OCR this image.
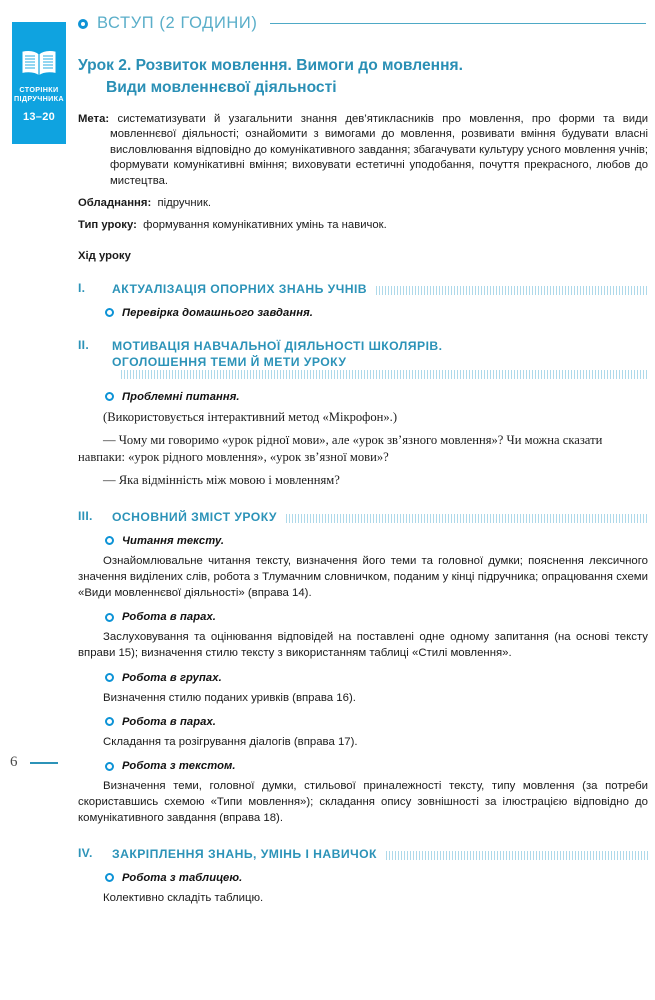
СТОРІНКИ
ПІДРУЧНИКА
13–20
6
ВСТУП (2 ГОДИНИ)
Урок 2. Розвиток мовлення. Вимоги до мовлення.
Види мовленнєвої діяльності

Мета: систематизувати й узагальнити знання дев’ятикласників про мовлення, про форми та види мовленнєвої діяльності; ознайомити з вимогами до мовлення, розвивати вміння будувати власні висловлювання відповідно до комунікативного завдання; збагачувати культуру усного мовлення учнів; формувати комунікативні вміння; виховувати естетичні уподобання, почуття прекрасного, любов до мистецтва.

Обладнання: підручник.

Тип уроку: формування комунікативних умінь та навичок.

Хід уроку
I.	АКТУАЛІЗАЦІЯ ОПОРНИХ ЗНАНЬ УЧНІВ
Перевірка домашнього завдання.
II.	МОТИВАЦІЯ НАВЧАЛЬНОЇ ДІЯЛЬНОСТІ ШКОЛЯРІВ.
ОГОЛОШЕННЯ ТЕМИ Й МЕТИ УРОКУ
Проблемні питання.
(Використовується інтерактивний метод «Мікрофон».)
— Чому ми говоримо «урок рідної мови», але «урок зв’язного мовлення»? Чи можна сказати навпаки: «урок рідного мовлення», «урок зв’язної мови»?
— Яка відмінність між мовою і мовленням?
III.	ОСНОВНИЙ ЗМІСТ УРОКУ
Читання тексту.
Ознайомлювальне читання тексту, визначення його теми та головної думки; пояснення лексичного значення виділених слів, робота з Тлумачним словничком, поданим у кінці підручника; опрацювання схеми «Види мовленнєвої діяльності» (вправа 14).
Робота в парах.
Заслуховування та оцінювання відповідей на поставлені одне одному запитання (на основі тексту вправи 15); визначення стилю тексту з використанням таблиці «Стилі мовлення».
Робота в групах.
Визначення стилю поданих уривків (вправа 16).
Робота в парах.
Складання та розігрування діалогів (вправа 17).
Робота з текстом.
Визначення теми, головної думки, стильової приналежності тексту, типу мовлення (за потреби скориставшись схемою «Типи мовлення»); складання опису зовнішності за ілюстрацією відповідно до комунікативного завдання (вправа 18).
IV.	ЗАКРІПЛЕННЯ ЗНАНЬ, УМІНЬ І НАВИЧОК
Робота з таблицею.
Колективно складіть таблицю.
